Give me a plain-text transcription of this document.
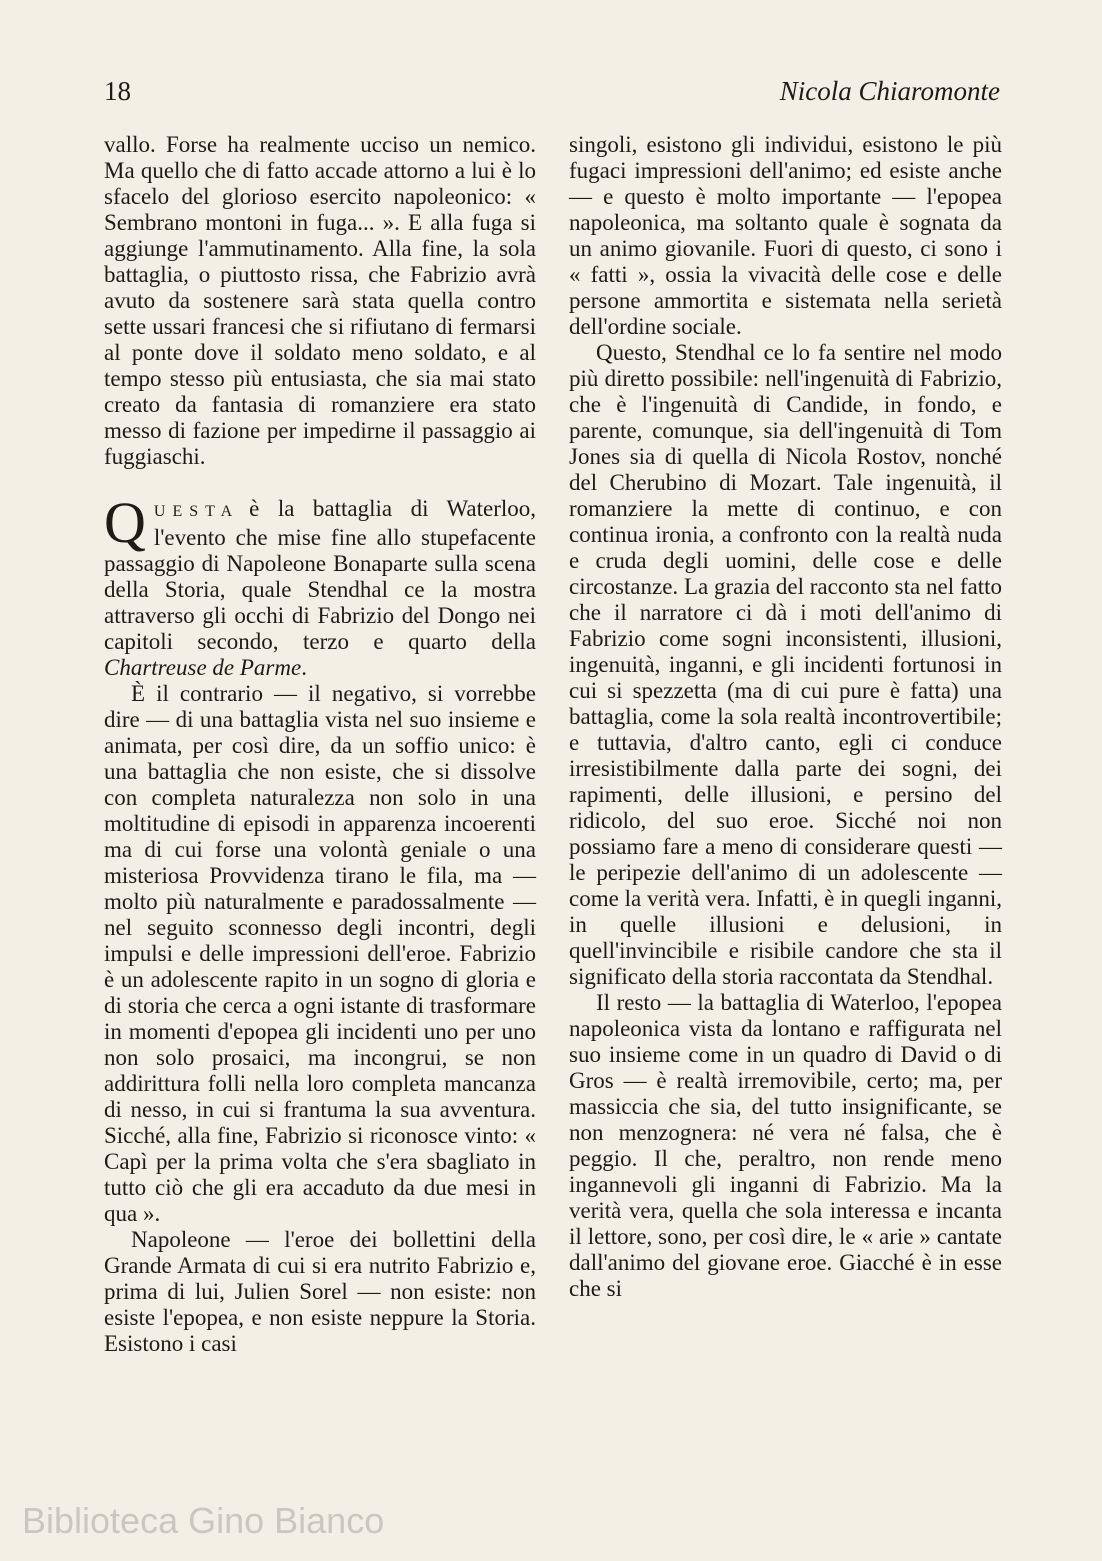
18	Nicola Chiaromonte

vallo. Forse ha realmente ucciso un nemico. Ma quello che di fatto accade attorno a lui è lo sfacelo del glorioso esercito napoleonico: « Sembrano montoni in fuga... ». E alla fuga si aggiunge l'ammutinamento. Alla fine, la sola battaglia, o piuttosto rissa, che Fabrizio avrà avuto da sostenere sarà stata quella contro sette ussari francesi che si rifiutano di fermarsi al ponte dove il soldato meno soldato, e al tempo stesso più entusiasta, che sia mai stato creato da fantasia di romanziere era stato messo di fazione per impedirne il passaggio ai fuggiaschi.

QUESTA è la battaglia di Waterloo, l'evento che mise fine allo stupefacente passaggio di Napoleone Bonaparte sulla scena della Storia, quale Stendhal ce la mostra attraverso gli occhi di Fabrizio del Dongo nei capitoli secondo, terzo e quarto della Chartreuse de Parme.

È il contrario — il negativo, si vorrebbe dire — di una battaglia vista nel suo insieme e animata, per così dire, da un soffio unico: è una battaglia che non esiste, che si dissolve con completa naturalezza non solo in una moltitudine di episodi in apparenza incoerenti ma di cui forse una volontà geniale o una misteriosa Provvidenza tirano le fila, ma — molto più naturalmente e paradossalmente — nel seguito sconnesso degli incontri, degli impulsi e delle impressioni dell'eroe. Fabrizio è un adolescente rapito in un sogno di gloria e di storia che cerca a ogni istante di trasformare in momenti d'epopea gli incidenti uno per uno non solo prosaici, ma incongrui, se non addirittura folli nella loro completa mancanza di nesso, in cui si frantuma la sua avventura. Sicché, alla fine, Fabrizio si riconosce vinto: « Capì per la prima volta che s'era sbagliato in tutto ciò che gli era accaduto da due mesi in qua ».

Napoleone — l'eroe dei bollettini della Grande Armata di cui si era nutrito Fabrizio e, prima di lui, Julien Sorel — non esiste: non esiste l'epopea, e non esiste neppure la Storia. Esistono i casi

singoli, esistono gli individui, esistono le più fugaci impressioni dell'animo; ed esiste anche — e questo è molto importante — l'epopea napoleonica, ma soltanto quale è sognata da un animo giovanile. Fuori di questo, ci sono i « fatti », ossia la vivacità delle cose e delle persone ammortita e sistemata nella serietà dell'ordine sociale.

Questo, Stendhal ce lo fa sentire nel modo più diretto possibile: nell'ingenuità di Fabrizio, che è l'ingenuità di Candide, in fondo, e parente, comunque, sia dell'ingenuità di Tom Jones sia di quella di Nicola Rostov, nonché del Cherubino di Mozart. Tale ingenuità, il romanziere la mette di continuo, e con continua ironia, a confronto con la realtà nuda e cruda degli uomini, delle cose e delle circostanze. La grazia del racconto sta nel fatto che il narratore ci dà i moti dell'animo di Fabrizio come sogni inconsistenti, illusioni, ingenuità, inganni, e gli incidenti fortunosi in cui si spezzetta (ma di cui pure è fatta) una battaglia, come la sola realtà incontrovertibile; e tuttavia, d'altro canto, egli ci conduce irresistibilmente dalla parte dei sogni, dei rapimenti, delle illusioni, e persino del ridicolo, del suo eroe. Sicché noi non possiamo fare a meno di considerare questi — le peripezie dell'animo di un adolescente — come la verità vera. Infatti, è in quegli inganni, in quelle illusioni e delusioni, in quell'invincibile e risibile candore che sta il significato della storia raccontata da Stendhal.

Il resto — la battaglia di Waterloo, l'epopea napoleonica vista da lontano e raffigurata nel suo insieme come in un quadro di David o di Gros — è realtà irremovibile, certo; ma, per massiccia che sia, del tutto insignificante, se non menzognera: né vera né falsa, che è peggio. Il che, peraltro, non rende meno ingannevoli gli inganni di Fabrizio. Ma la verità vera, quella che sola interessa e incanta il lettore, sono, per così dire, le « arie » cantate dall'animo del giovane eroe. Giacché è in esse che si

Biblioteca Gino Bianco
